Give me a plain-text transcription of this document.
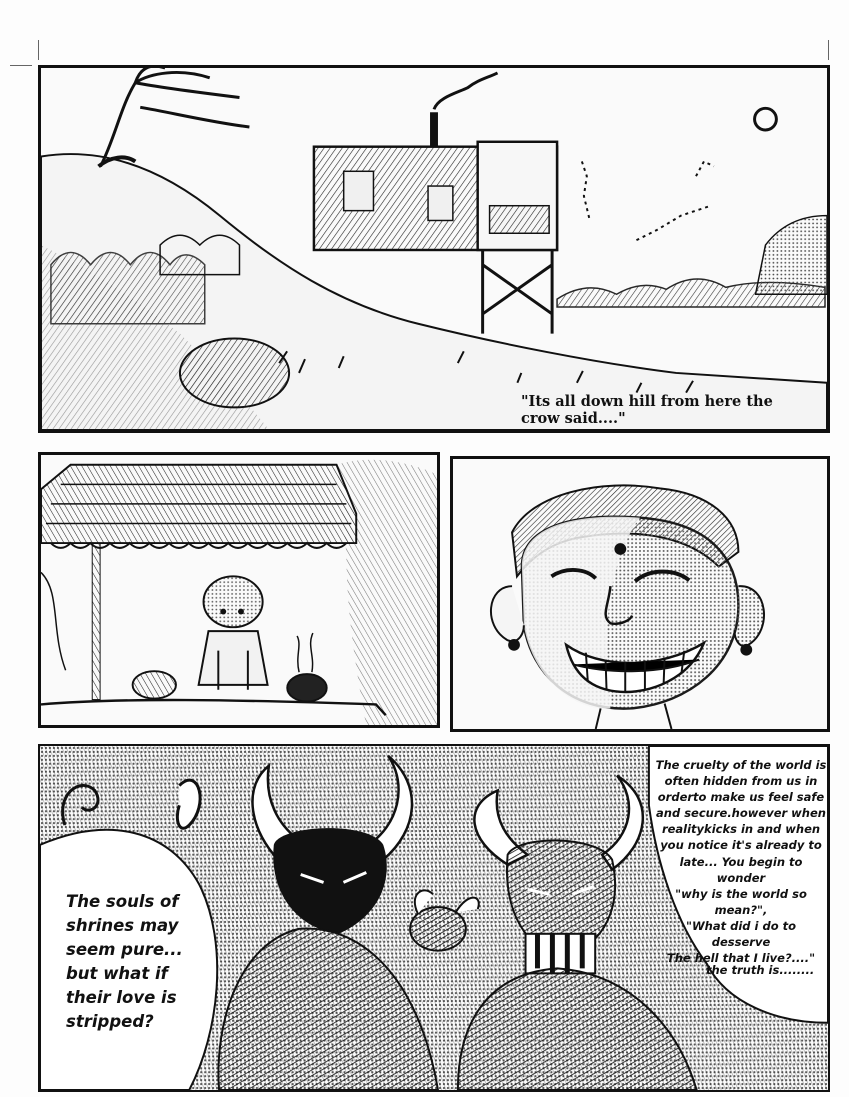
"Its all down hill from here the crow said...."
The cruelty of the world is
often hidden from us in
orderto make us feel safe
and secure.however when
realitykicks in and when
you notice it's already to
late... You begin to wonder
"why is the world so mean?",
"What did i do to desserve
The hell that I live?...."
the truth is........
The souls of
shrines may
seem pure...
but what if
their love is
stripped?
